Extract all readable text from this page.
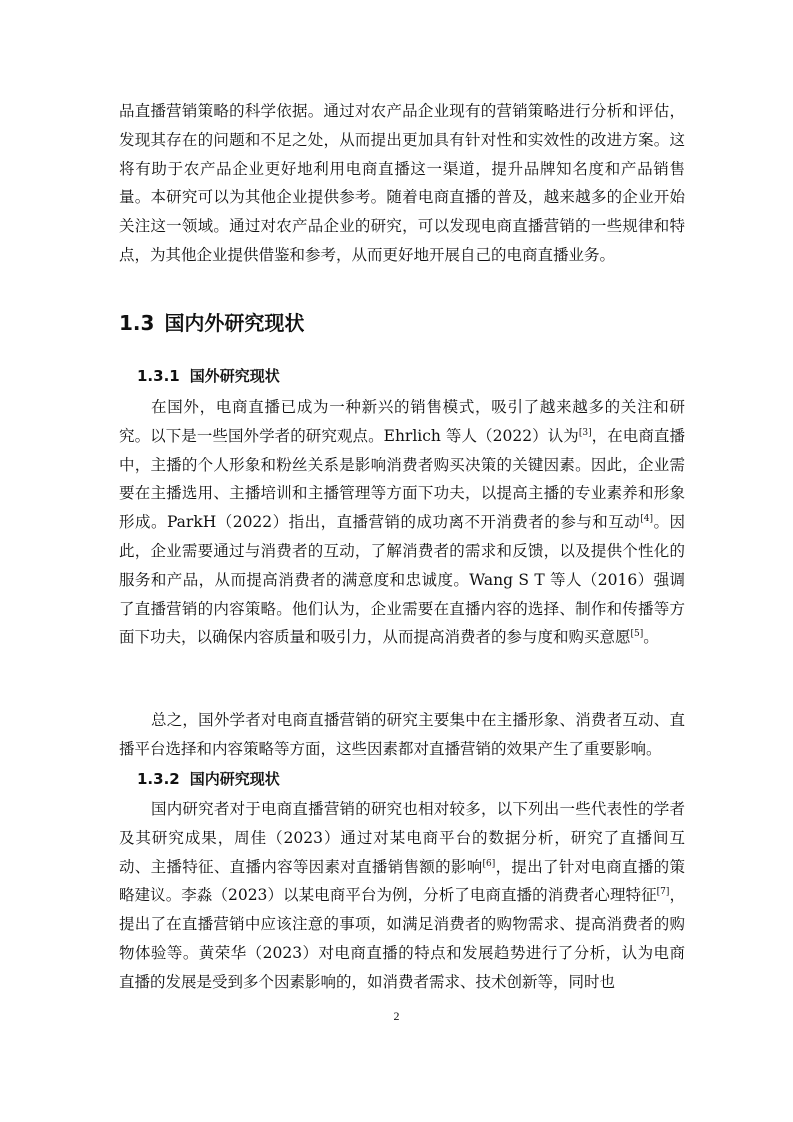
品直播营销策略的科学依据。通过对农产品企业现有的营销策略进行分析和评估，发现其存在的问题和不足之处，从而提出更加具有针对性和实效性的改进方案。这将有助于农产品企业更好地利用电商直播这一渠道，提升品牌知名度和产品销售量。本研究可以为其他企业提供参考。随着电商直播的普及，越来越多的企业开始关注这一领域。通过对农产品企业的研究，可以发现电商直播营销的一些规律和特点，为其他企业提供借鉴和参考，从而更好地开展自己的电商直播业务。

1.3 国内外研究现状
1.3.1 国外研究现状

在国外，电商直播已成为一种新兴的销售模式，吸引了越来越多的关注和研究。以下是一些国外学者的研究观点。Ehrlich 等人（2022）认为[3]，在电商直播中，主播的个人形象和粉丝关系是影响消费者购买决策的关键因素。因此，企业需要在主播选用、主播培训和主播管理等方面下功夫，以提高主播的专业素养和形象形成。ParkH（2022）指出，直播营销的成功离不开消费者的参与和互动[4]。因此，企业需要通过与消费者的互动，了解消费者的需求和反馈，以及提供个性化的服务和产品，从而提高消费者的满意度和忠诚度。Wang S T 等人（2016）强调了直播营销的内容策略。他们认为，企业需要在直播内容的选择、制作和传播等方面下功夫，以确保内容质量和吸引力，从而提高消费者的参与度和购买意愿[5]。

总之，国外学者对电商直播营销的研究主要集中在主播形象、消费者互动、直播平台选择和内容策略等方面，这些因素都对直播营销的效果产生了重要影响。

1.3.2 国内研究现状

国内研究者对于电商直播营销的研究也相对较多，以下列出一些代表性的学者及其研究成果，周佳（2023）通过对某电商平台的数据分析，研究了直播间互动、主播特征、直播内容等因素对直播销售额的影响[6]，提出了针对电商直播的策略建议。李淼（2023）以某电商平台为例，分析了电商直播的消费者心理特征[7]，提出了在直播营销中应该注意的事项，如满足消费者的购物需求、提高消费者的购物体验等。黄荣华（2023）对电商直播的特点和发展趋势进行了分析，认为电商直播的发展是受到多个因素影响的，如消费者需求、技术创新等，同时也

2
